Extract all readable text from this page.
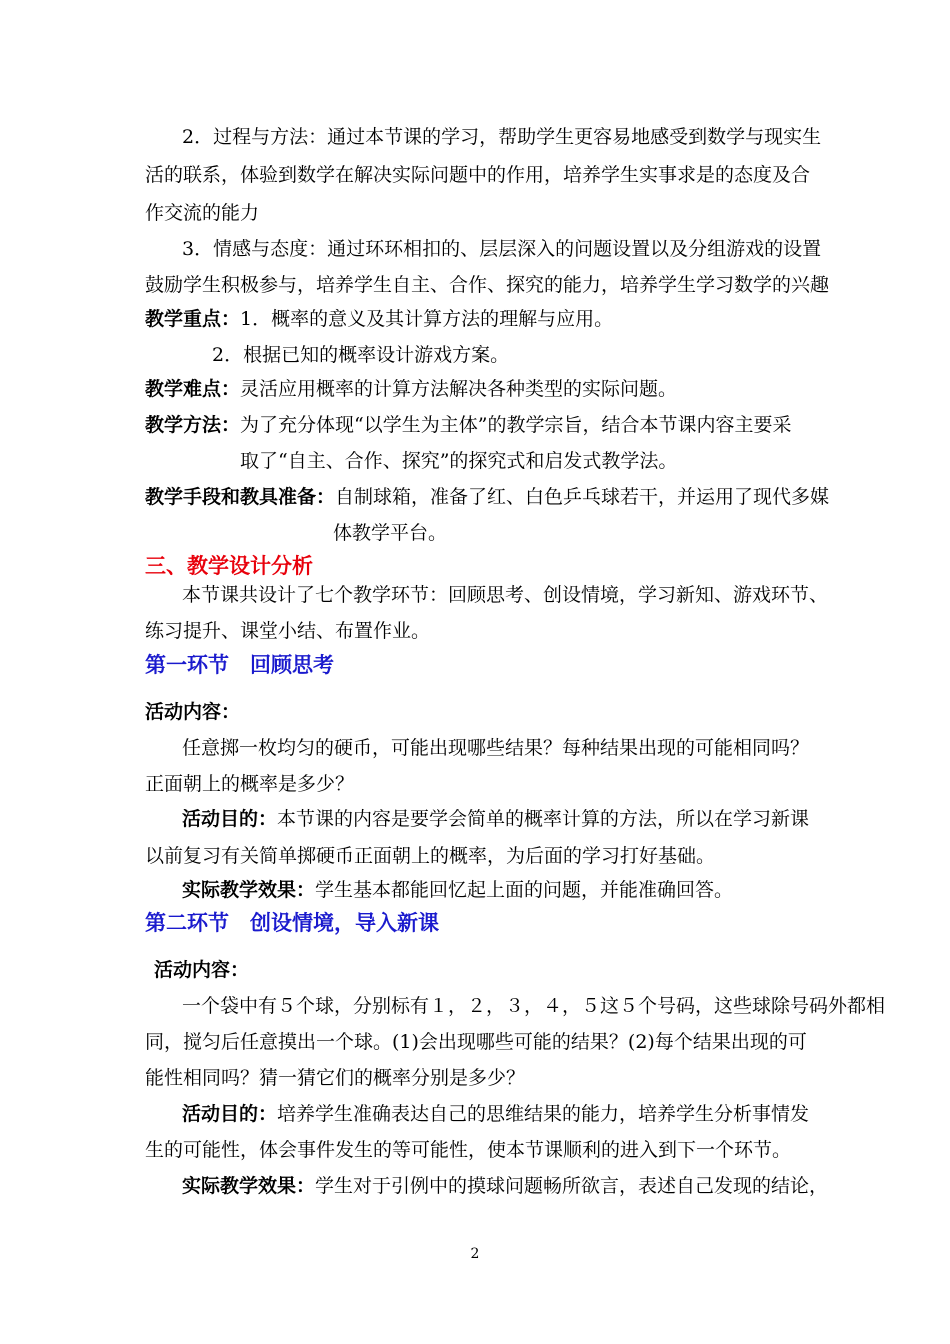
2．过程与方法：通过本节课的学习，帮助学生更容易地感受到数学与现实生
活的联系，体验到数学在解决实际问题中的作用，培养学生实事求是的态度及合
作交流的能力
3．情感与态度：通过环环相扣的、层层深入的问题设置以及分组游戏的设置
鼓励学生积极参与，培养学生自主、合作、探究的能力，培养学生学习数学的兴趣
教学重点：1．概率的意义及其计算方法的理解与应用。
2．根据已知的概率设计游戏方案。
教学难点：灵活应用概率的计算方法解决各种类型的实际问题。
教学方法：为了充分体现“以学生为主体”的教学宗旨，结合本节课内容主要采
取了“自主、合作、探究”的探究式和启发式教学法。
教学手段和教具准备：自制球箱，准备了红、白色乒乓球若干，并运用了现代多媒
体教学平台。
三、教学设计分析
本节课共设计了七个教学环节：回顾思考、创设情境，学习新知、游戏环节、
练习提升、课堂小结、布置作业。
第一环节　回顾思考
活动内容：
任意掷一枚均匀的硬币，可能出现哪些结果？每种结果出现的可能相同吗？
正面朝上的概率是多少？
活动目的：本节课的内容是要学会简单的概率计算的方法，所以在学习新课
以前复习有关简单掷硬币正面朝上的概率，为后面的学习打好基础。
实际教学效果：学生基本都能回忆起上面的问题，并能准确回答。
第二环节　创设情境，导入新课
活动内容：
一个袋中有５个球，分别标有１，２，３，４，５这５个号码，这些球除号码外都相
同，搅匀后任意摸出一个球。(1)会出现哪些可能的结果？(2)每个结果出现的可
能性相同吗？猜一猜它们的概率分别是多少？
活动目的：培养学生准确表达自己的思维结果的能力，培养学生分析事情发
生的可能性，体会事件发生的等可能性，使本节课顺利的进入到下一个环节。
实际教学效果：学生对于引例中的摸球问题畅所欲言，表述自己发现的结论，
2
